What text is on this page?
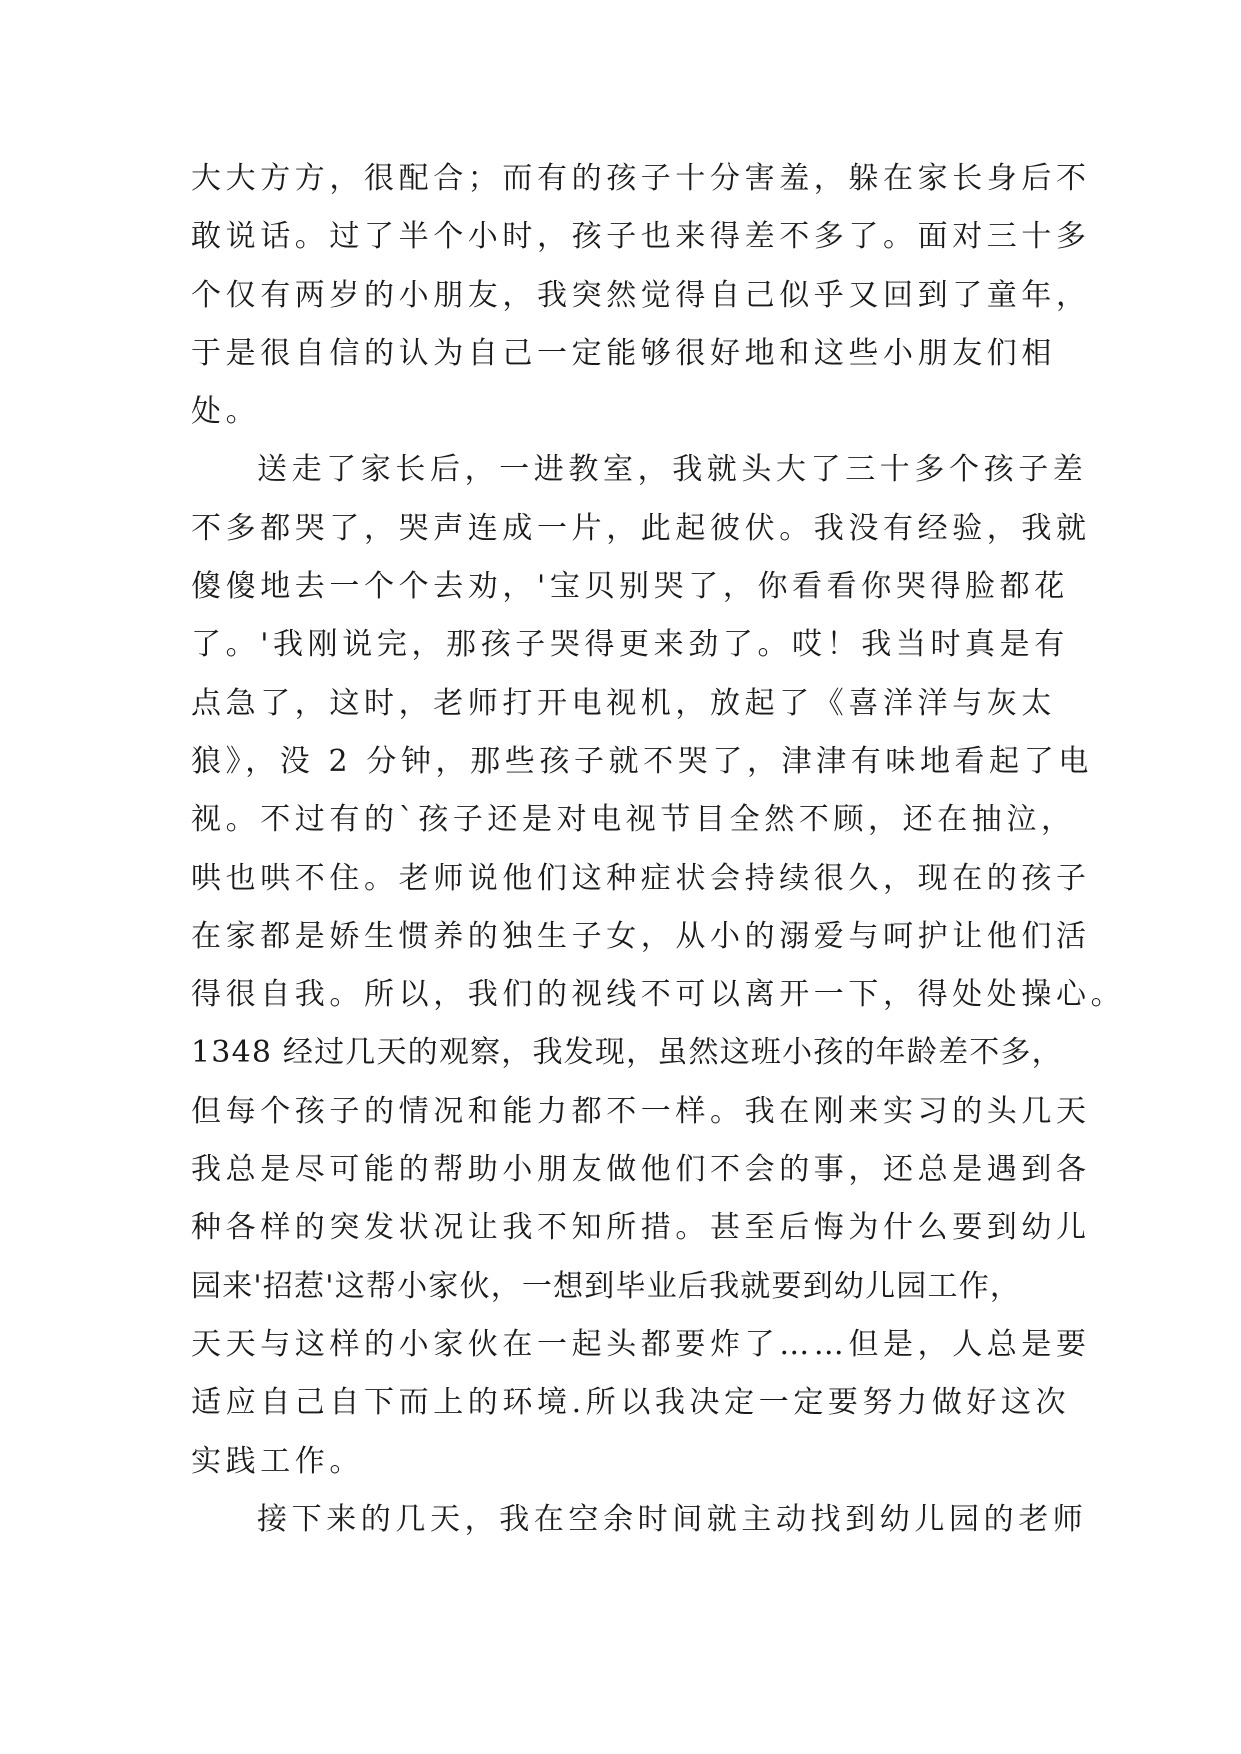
大大方方，很配合；而有的孩子十分害羞，躲在家长身后不
敢说话。过了半个小时，孩子也来得差不多了。面对三十多
个仅有两岁的小朋友，我突然觉得自己似乎又回到了童年，
于是很自信的认为自己一定能够很好地和这些小朋友们相
处。
送走了家长后，一进教室，我就头大了三十多个孩子差
不多都哭了，哭声连成一片，此起彼伏。我没有经验，我就
傻傻地去一个个去劝，'宝贝别哭了，你看看你哭得脸都花
了。'我刚说完，那孩子哭得更来劲了。哎！我当时真是有
点急了，这时，老师打开电视机，放起了《喜洋洋与灰太
狼》，没 2 分钟，那些孩子就不哭了，津津有味地看起了电
视。不过有的`孩子还是对电视节目全然不顾，还在抽泣，
哄也哄不住。老师说他们这种症状会持续很久，现在的孩子
在家都是娇生惯养的独生子女，从小的溺爱与呵护让他们活
得很自我。所以，我们的视线不可以离开一下，得处处操心。
1348 经过几天的观察，我发现，虽然这班小孩的年龄差不多，
但每个孩子的情况和能力都不一样。我在刚来实习的头几天
我总是尽可能的帮助小朋友做他们不会的事，还总是遇到各
种各样的突发状况让我不知所措。甚至后悔为什么要到幼儿
园来'招惹'这帮小家伙，一想到毕业后我就要到幼儿园工作，
天天与这样的小家伙在一起头都要炸了……但是，人总是要
适应自己自下而上的环境.所以我决定一定要努力做好这次
实践工作。
接下来的几天，我在空余时间就主动找到幼儿园的老师
